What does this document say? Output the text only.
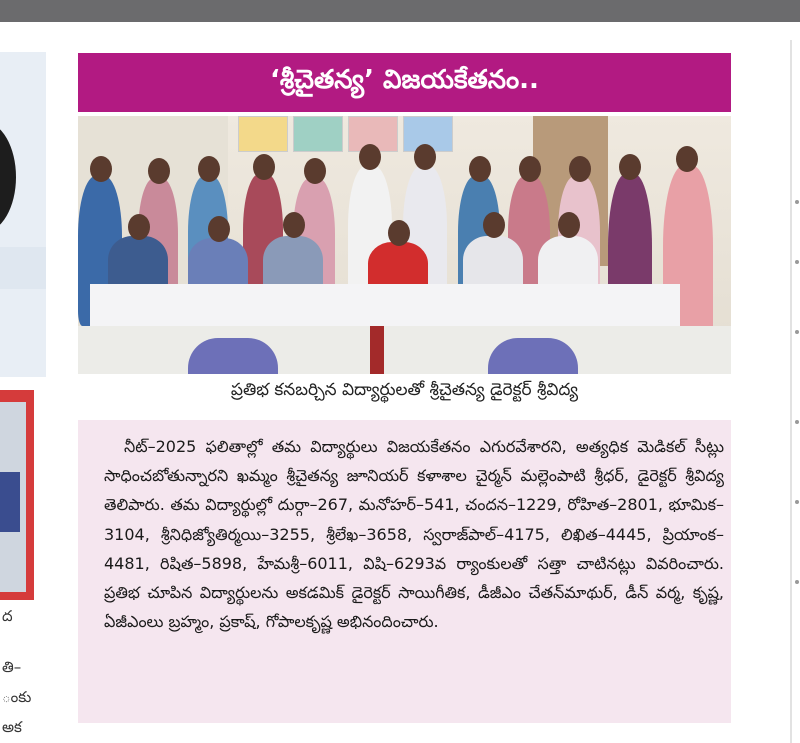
ద
తి–
ంకు
అక
‘శ్రీచైతన్య’ విజయకేతనం..
ప్రతిభ కనబర్చిన విద్యార్థులతో శ్రీచైతన్య డైరెక్టర్ శ్రీవిద్య
నీట్–2025 ఫలితాల్లో తమ విద్యార్థులు విజయకేతనం ఎగురవేశారని, అత్యధిక మెడికల్ సీట్లు సాధించబోతున్నారని ఖమ్మం శ్రీచైతన్య జూనియర్ కళాశాల చైర్మన్ మల్లెంపాటి శ్రీధర్, డైరెక్టర్ శ్రీవిద్య తెలిపారు. తమ విద్యార్థుల్లో దుర్గా–267, మనోహర్–541, చందన–1229, రోహిత–2801, భూమిక–3104, శ్రీనిధిజ్యోతిర్మయి–3255, శ్రీలేఖ–3658, స్వరాజ్‌పాల్–4175, లిఖిత–4445, ప్రియాంక–4481, రిషిత–5898, హేమశ్రీ–6011, విషి–6293వ ర్యాంకులతో సత్తా చాటినట్లు వివరించారు. ప్రతిభ చూపిన విద్యార్థులను అకడమిక్ డైరెక్టర్ సాయిగీతిక, డీజీఎం చేతన్‌మాథుర్, డీన్ వర్మ, కృష్ణ, ఏజీఎంలు బ్రహ్మం, ప్రకాష్, గోపాలకృష్ణ అభినందించారు.
